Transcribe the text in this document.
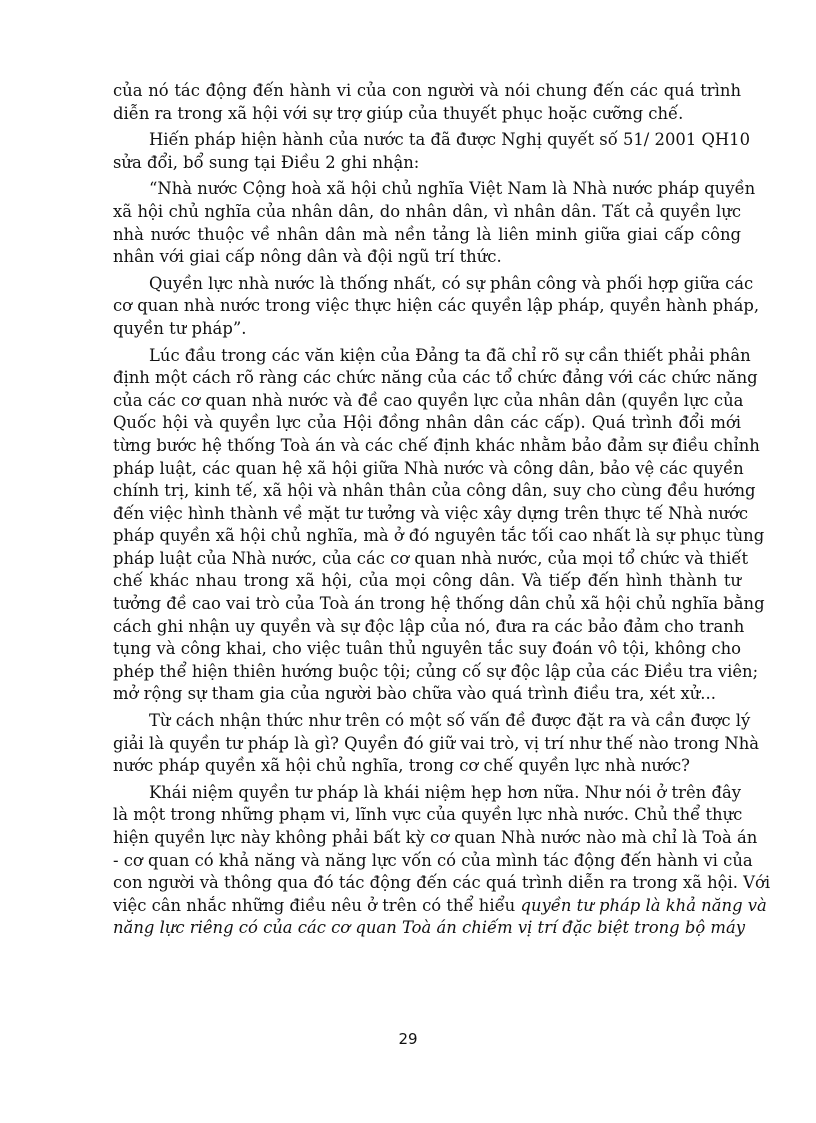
của nó tác động đến hành vi của con người và nói chung đến các quá trình
diễn ra trong xã hội với sự trợ giúp của thuyết phục hoặc cưỡng chế.
Hiến pháp hiện hành của nước ta đã được Nghị quyết số 51/ 2001 QH10
sửa đổi, bổ sung tại Điều 2 ghi nhận:
“Nhà nước Cộng hoà xã hội chủ nghĩa Việt Nam là Nhà nước pháp quyền
xã hội chủ nghĩa của nhân dân, do nhân dân, vì nhân dân. Tất cả quyền lực
nhà nước thuộc về nhân dân mà nền tảng là liên minh giữa giai cấp công
nhân với giai cấp nông dân và đội ngũ trí thức.
Quyền lực nhà nước là thống nhất, có sự phân công và phối hợp giữa các
cơ quan nhà nước trong việc thực hiện các quyền lập pháp, quyền hành pháp,
quyền tư pháp”.
Lúc đầu trong các văn kiện của Đảng ta đã chỉ rõ sự cần thiết phải phân
định một cách rõ ràng các chức năng của các tổ chức đảng với các chức năng
của các cơ quan nhà nước và đề cao quyền lực của nhân dân (quyền lực của
Quốc hội và quyền lực của Hội đồng nhân dân các cấp). Quá trình đổi mới
từng bước hệ thống Toà án và các chế định khác nhằm bảo đảm sự điều chỉnh
pháp luật, các quan hệ xã hội giữa Nhà nước và công dân, bảo vệ các quyền
chính trị, kinh tế, xã hội và nhân thân của công dân, suy cho cùng đều hướng
đến việc hình thành về mặt tư tưởng và việc xây dựng trên thực tế Nhà nước
pháp quyền xã hội chủ nghĩa, mà ở đó nguyên tắc tối cao nhất là sự phục tùng
pháp luật của Nhà nước, của các cơ quan nhà nước, của mọi tổ chức và thiết
chế khác nhau trong xã hội, của mọi công dân. Và tiếp đến hình thành tư
tưởng đề cao vai trò của Toà án trong hệ thống dân chủ xã hội chủ nghĩa bằng
cách ghi nhận uy quyền và sự độc lập của nó, đưa ra các bảo đảm cho tranh
tụng và công khai, cho việc tuân thủ nguyên tắc suy đoán vô tội, không cho
phép thể hiện thiên hướng buộc tội; củng cố sự độc lập của các Điều tra viên;
mở rộng sự tham gia của người bào chữa vào quá trình điều tra, xét xử...
Từ cách nhận thức như trên có một số vấn đề được đặt ra và cần được lý
giải là quyền tư pháp là gì? Quyền đó giữ vai trò, vị trí như thế nào trong Nhà
nước pháp quyền xã hội chủ nghĩa, trong cơ chế quyền lực nhà nước?
Khái niệm quyền tư pháp là khái niệm hẹp hơn nữa. Như nói ở trên đây
là một trong những phạm vi, lĩnh vực của quyền lực nhà nước. Chủ thể thực
hiện quyền lực này không phải bất kỳ cơ quan Nhà nước nào mà chỉ là Toà án
- cơ quan có khả năng và năng lực vốn có của mình tác động đến hành vi của
con người và thông qua đó tác động đến các quá trình diễn ra trong xã hội. Với
việc cân nhắc những điều nêu ở trên có thể hiểu quyền tư pháp là khả năng và
năng lực riêng có của các cơ quan Toà án chiếm vị trí đặc biệt trong bộ máy
29
